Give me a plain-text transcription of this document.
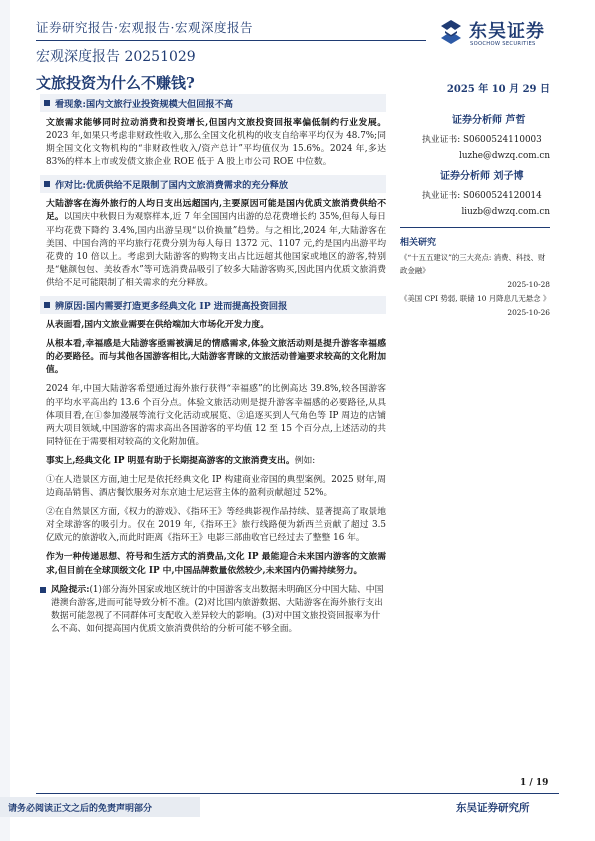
证券研究报告·宏观报告·宏观深度报告
宏观深度报告 20251029
文旅投资为什么不赚钱?
东吴证券
SOOCHOW SECURITIES
2025 年 10 月 29 日
证券分析师 芦哲
执业证书: S0600524110003
luzhe@dwzq.com.cn
证券分析师 刘子博
执业证书: S0600524120014
liuzb@dwzq.com.cn
相关研究
《“十五五建议”的三大亮点: 消费、科技、财政金融》
2025-10-28
《美国 CPI 势弱, 联储 10 月降息几无悬念 》
2025-10-26
看现象:国内文旅行业投资规模大但回报不高
文旅需求能够同时拉动消费和投资增长,但国内文旅投资回报率偏低制约行业发展。2023 年,如果只考虑非财政性收入,那么全国文化机构的收支自给率平均仅为 48.7%;同期全国文化文物机构的“非财政性收入/资产总计”平均值仅为 15.6%。2024 年,多达 83%的样本上市或发债文旅企业 ROE 低于 A 股上市公司 ROE 中位数。
作对比:优质供给不足限制了国内文旅消费需求的充分释放
大陆游客在海外旅行的人均日支出远超国内,主要原因可能是国内优质文旅消费供给不足。以国庆中秋假日为观察样本,近 7 年全国国内出游的总花费增长约 35%,但每人每日平均花费下降约 3.4%,国内出游呈现“以价换量”趋势。与之相比,2024 年,大陆游客在美国、中国台湾的平均旅行花费分别为每人每日 1372 元、1107 元,约是国内出游平均花费的 10 倍以上。考虑到大陆游客的购物支出占比远超其他国家或地区的游客,特别是“魅颜包包、美妆香水”等可选消费品吸引了较多大陆游客购买,因此国内优质文旅消费供给不足可能限制了相关需求的充分释放。
辨原因:国内需要打造更多经典文化 IP 进而提高投资回报
从表面看,国内文旅业需要在供给端加大市场化开发力度。
从根本看,幸福感是大陆游客亟需被满足的情感需求,体验文旅活动则是提升游客幸福感的必要路径。而与其他各国游客相比,大陆游客青睐的文旅活动普遍要求较高的文化附加值。
2024 年,中国大陆游客希望通过海外旅行获得“幸福感”的比例高达 39.8%,较各国游客的平均水平高出约 13.6 个百分点。体验文旅活动则是提升游客幸福感的必要路径,从具体项目看,在①参加漫展等流行文化活动或展览、②追逐买到人气角色等 IP 周边的店铺两大项目领域,中国游客的需求高出各国游客的平均值 12 至 15 个百分点,上述活动的共同特征在于需要相对较高的文化附加值。
事实上,经典文化 IP 明显有助于长期提高游客的文旅消费支出。例如:
①在人造景区方面,迪士尼是依托经典文化 IP 构建商业帝国的典型案例。2025 财年,周边商品销售、酒店餐饮服务对东京迪士尼运营主体的盈利贡献超过 52%。
②在自然景区方面,《权力的游戏》、《指环王》等经典影视作品持续、显著提高了取景地对全球游客的吸引力。仅在 2019 年,《指环王》旅行线路便为新西兰贡献了超过 3.5 亿欧元的旅游收入,而此时距离《指环王》电影三部曲收官已经过去了整整 16 年。
作为一种传递思想、符号和生活方式的消费品,文化 IP 最能迎合未来国内游客的文旅需求,但目前在全球顶级文化 IP 中,中国品牌数量依然较少,未来国内仍需持续努力。
风险提示:(1)部分海外国家或地区统计的中国游客支出数据未明确区分中国大陆、中国港澳台游客,进而可能导致分析不准。(2)对比国内旅游数据、大陆游客在海外旅行支出数据可能忽视了不同群体可支配收入差异较大的影响。(3)对中国文旅投资回报率为什么不高、如何提高国内优质文旅消费供给的分析可能不够全面。
1 / 19
请务必阅读正文之后的免责声明部分	东吴证券研究所
